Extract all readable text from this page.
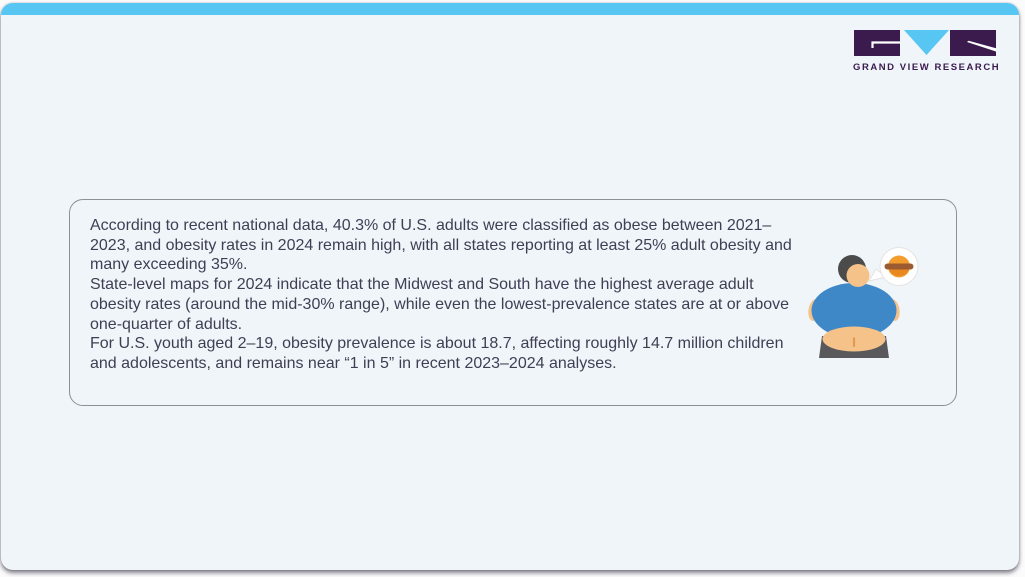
GRAND VIEW RESEARCH

According to recent national data, 40.3% of U.S. adults were classified as obese between 2021–2023, and obesity rates in 2024 remain high, with all states reporting at least 25% adult obesity and many exceeding 35%.

State-level maps for 2024 indicate that the Midwest and South have the highest average adult obesity rates (around the mid-30% range), while even the lowest-prevalence states are at or above one-quarter of adults.

For U.S. youth aged 2–19, obesity prevalence is about 18.7, affecting roughly 14.7 million children and adolescents, and remains near “1 in 5” in recent 2023–2024 analyses.
